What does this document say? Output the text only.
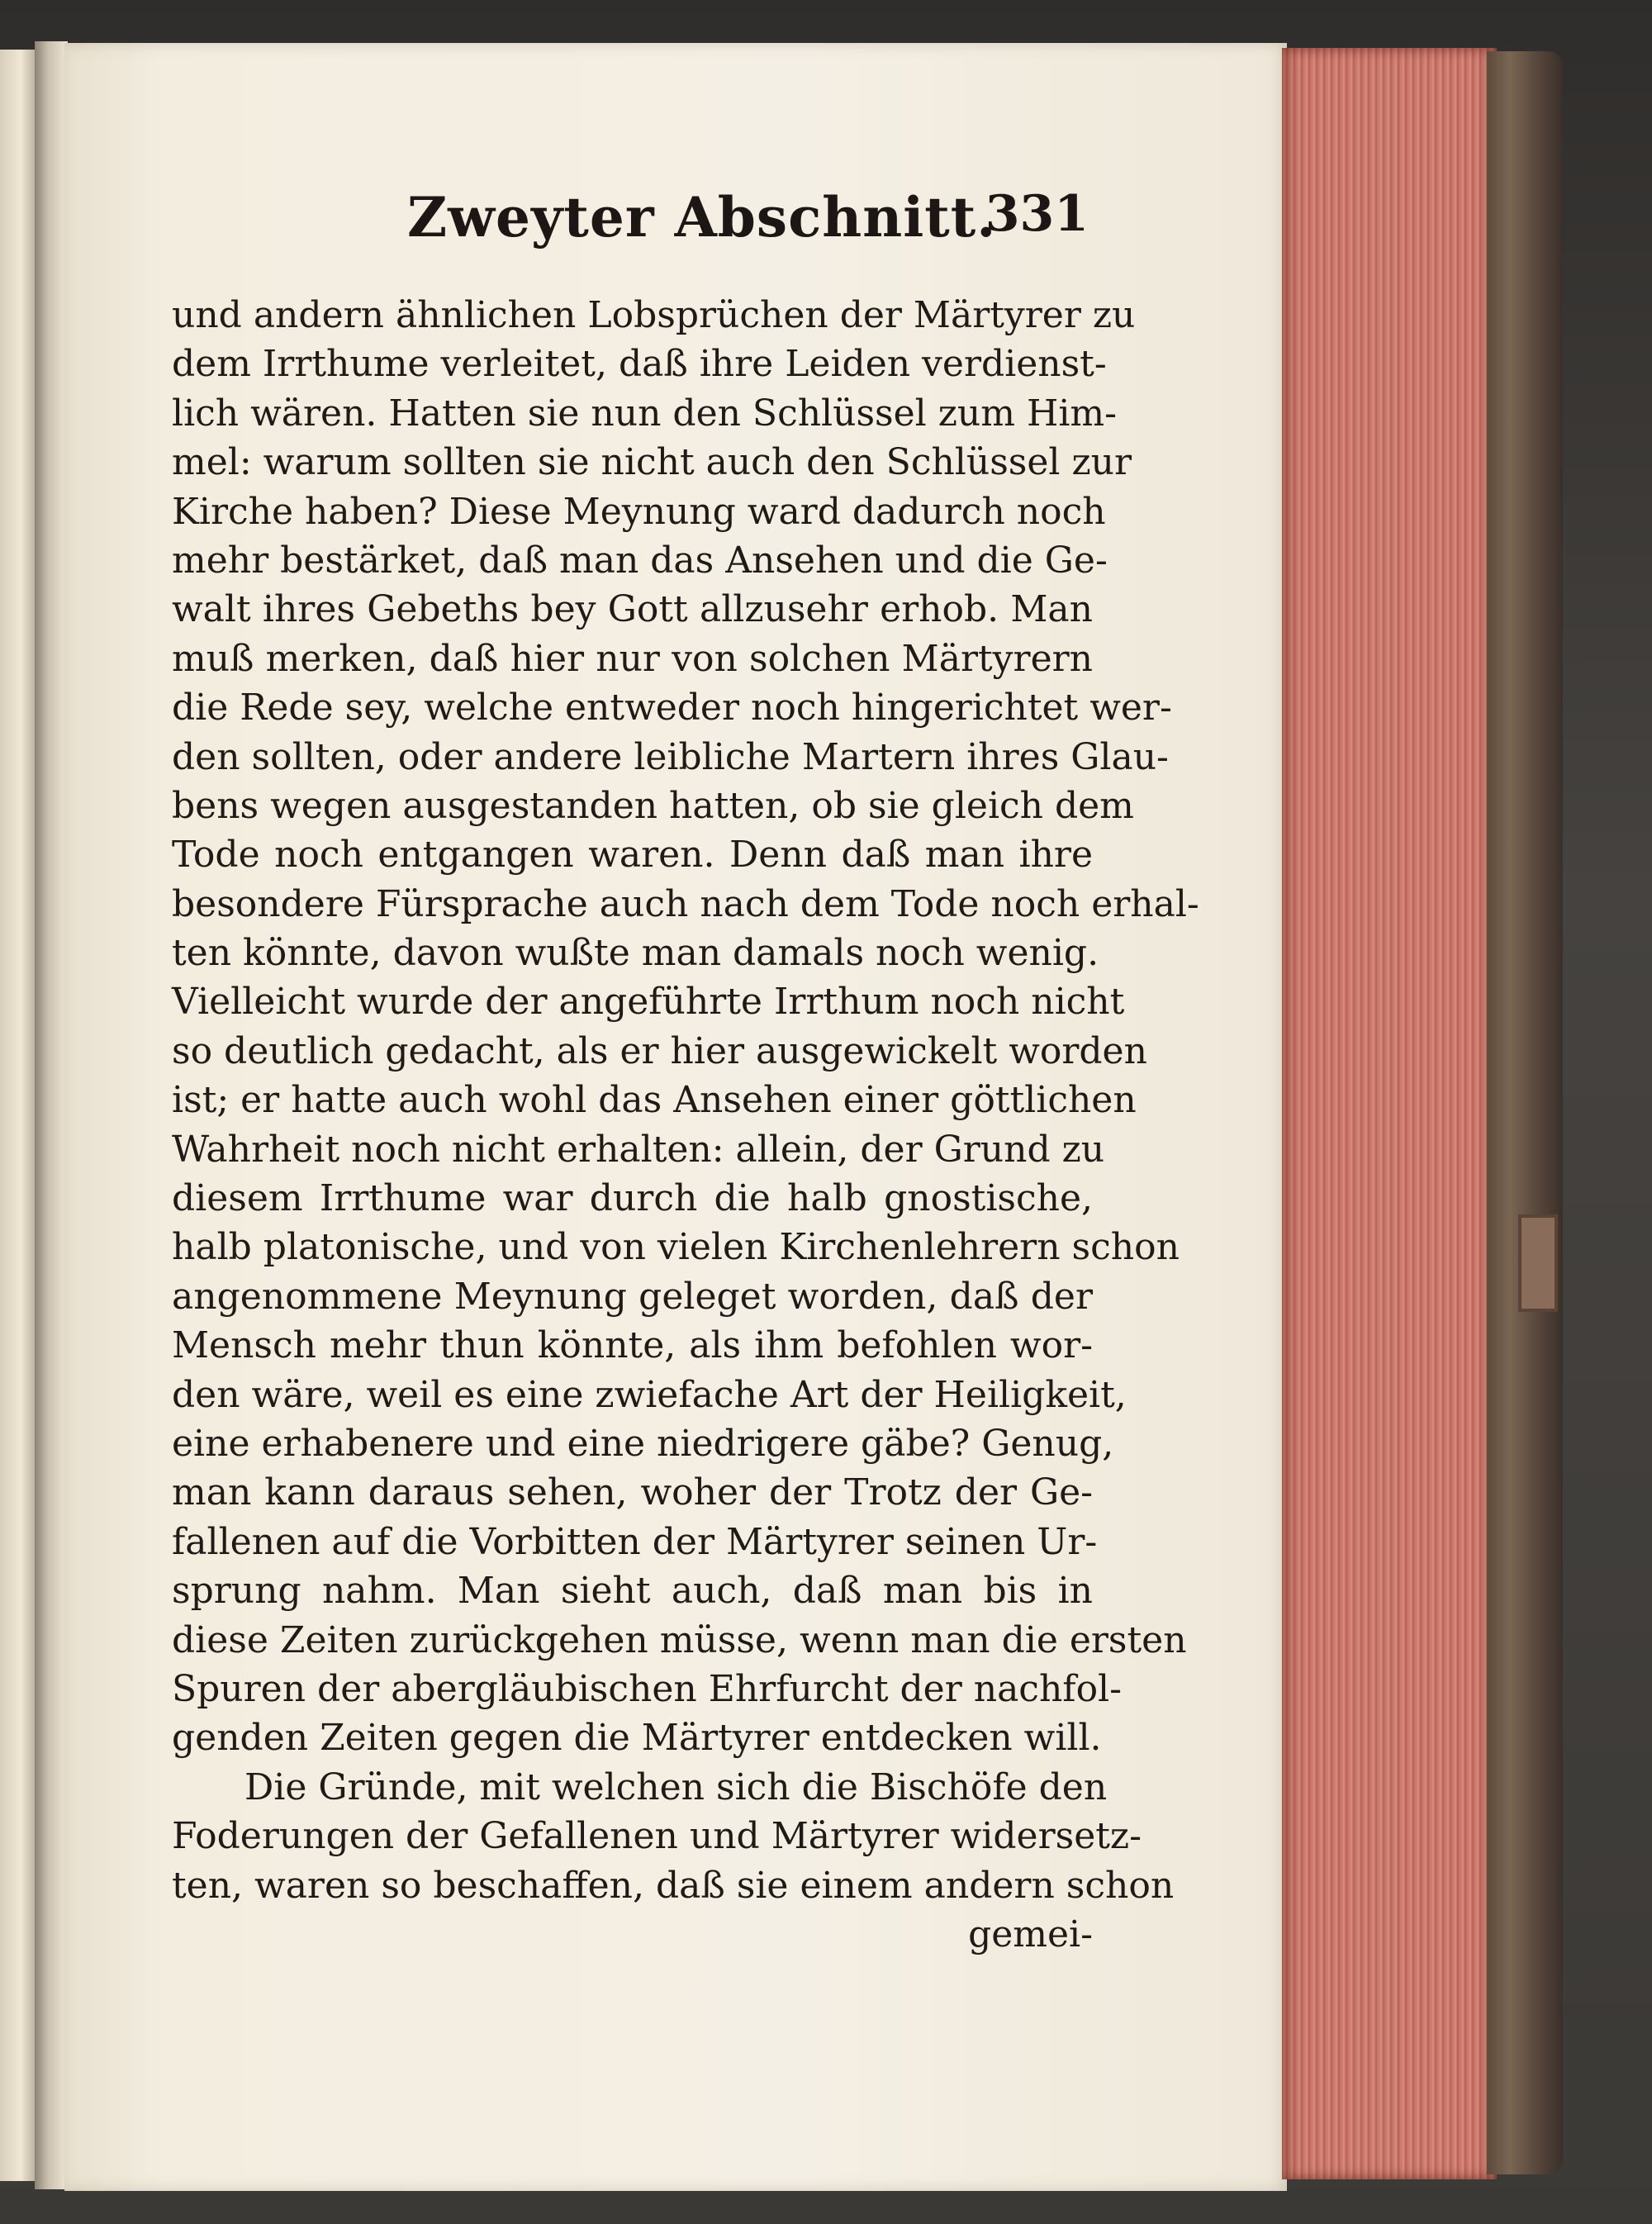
Zweyter Abschnitt.
331
und andern ähnlichen Lobsprüchen der Märtyrer zu
dem Irrthume verleitet, daß ihre Leiden verdienst-
lich wären. Hatten sie nun den Schlüssel zum Him-
mel: warum sollten sie nicht auch den Schlüssel zur
Kirche haben? Diese Meynung ward dadurch noch
mehr bestärket, daß man das Ansehen und die Ge-
walt ihres Gebeths bey Gott allzusehr erhob. Man
muß merken, daß hier nur von solchen Märtyrern
die Rede sey, welche entweder noch hingerichtet wer-
den sollten, oder andere leibliche Martern ihres Glau-
bens wegen ausgestanden hatten, ob sie gleich dem
Tode noch entgangen waren. Denn daß man ihre
besondere Fürsprache auch nach dem Tode noch erhal-
ten könnte, davon wußte man damals noch wenig.
Vielleicht wurde der angeführte Irrthum noch nicht
so deutlich gedacht, als er hier ausgewickelt worden
ist; er hatte auch wohl das Ansehen einer göttlichen
Wahrheit noch nicht erhalten: allein, der Grund zu
diesem Irrthume war durch die halb gnostische,
halb platonische, und von vielen Kirchenlehrern schon
angenommene Meynung geleget worden, daß der
Mensch mehr thun könnte, als ihm befohlen wor-
den wäre, weil es eine zwiefache Art der Heiligkeit,
eine erhabenere und eine niedrigere gäbe? Genug,
man kann daraus sehen, woher der Trotz der Ge-
fallenen auf die Vorbitten der Märtyrer seinen Ur-
sprung nahm. Man sieht auch, daß man bis in
diese Zeiten zurückgehen müsse, wenn man die ersten
Spuren der abergläubischen Ehrfurcht der nachfol-
genden Zeiten gegen die Märtyrer entdecken will.
Die Gründe, mit welchen sich die Bischöfe den
Foderungen der Gefallenen und Märtyrer widersetz-
ten, waren so beschaffen, daß sie einem andern schon
gemei-
